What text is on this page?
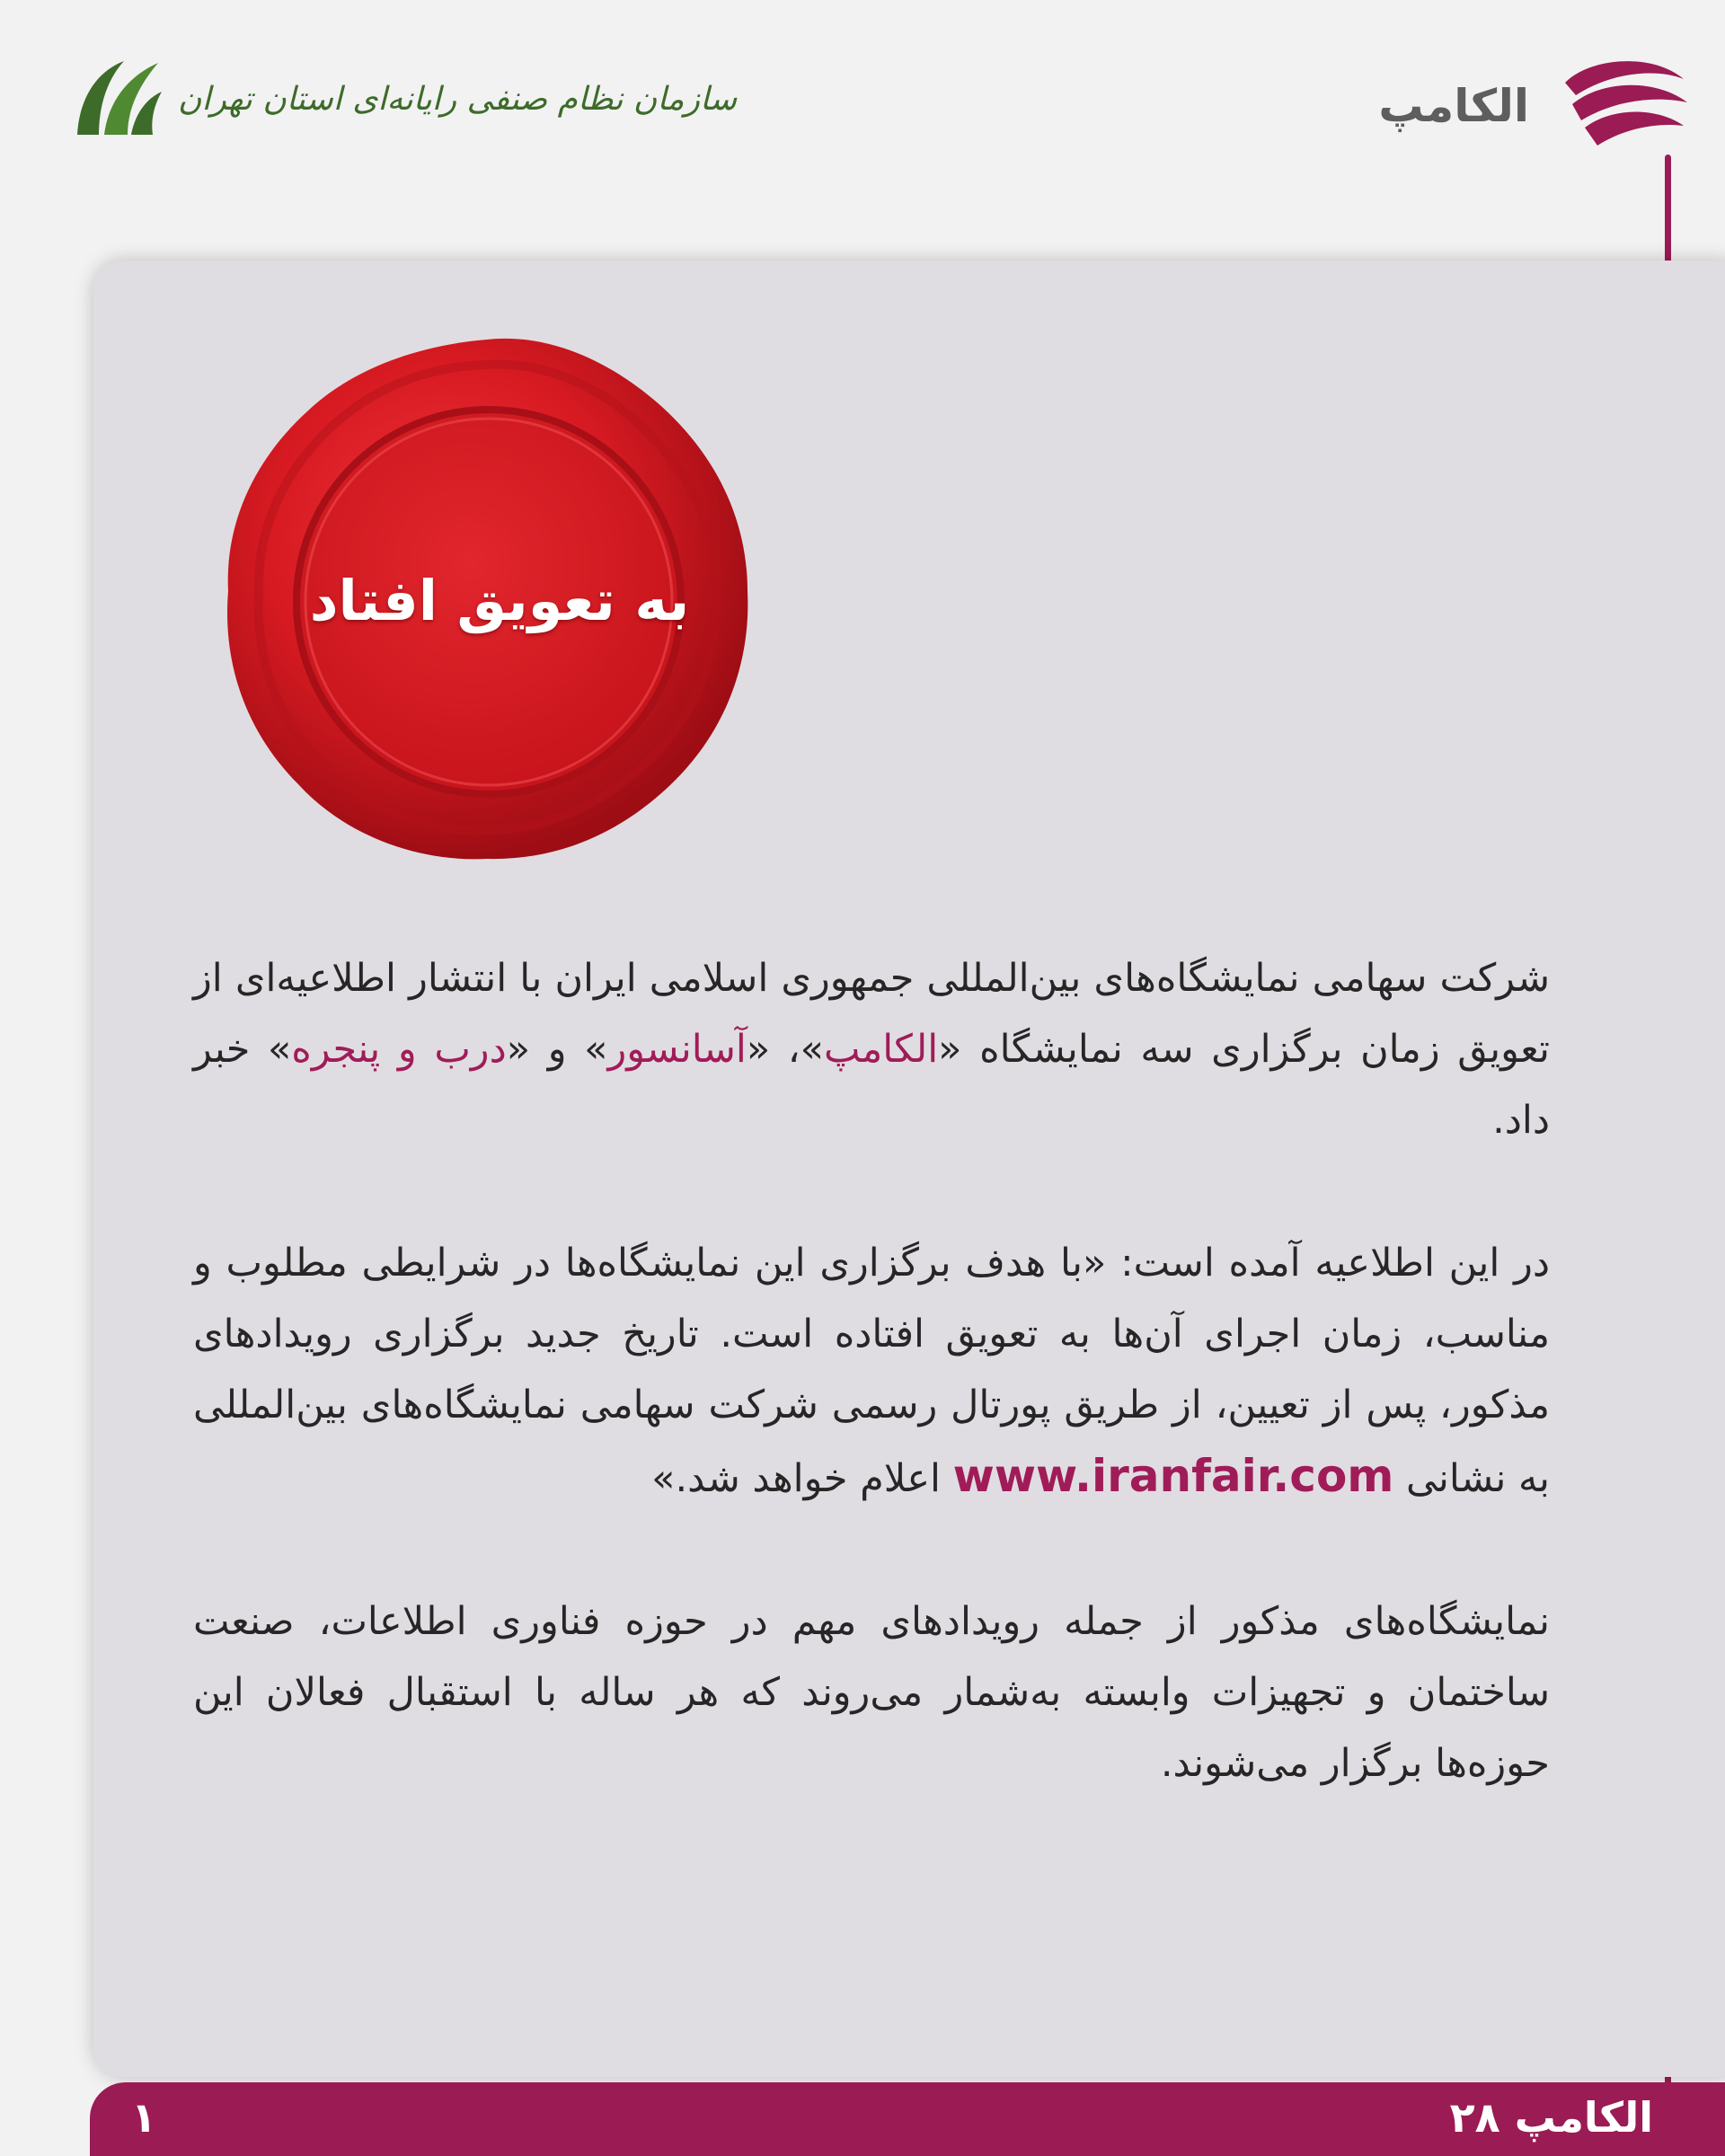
الکامپ
سازمان نظام صنفی رایانه‌ای استان تهران
به تعویق افتاد

شرکت سهامی نمایشگاه‌های بین‌المللی جمهوری اسلامی ایران با انتشار اطلاعیه‌ای از تعویق زمان برگزاری سه نمایشگاه «الکامپ»، «آسانسور» و «درب و پنجره» خبر داد.

در این اطلاعیه آمده است: «با هدف برگزاری این نمایشگاه‌ها در شرایطی مطلوب و مناسب، زمان اجرای آن‌ها به تعویق افتاده است. تاریخ جدید برگزاری رویدادهای مذکور، پس از تعیین، از طریق پورتال رسمی شرکت سهامی نمایشگاه‌های بین‌المللی به نشانی www.iranfair.com اعلام خواهد شد.»

نمایشگاه‌های مذکور از جمله رویدادهای مهم در حوزه فناوری اطلاعات، صنعت ساختمان و تجهیزات وابسته به‌شمار می‌روند که هر ساله با استقبال فعالان این حوزه‌ها برگزار می‌شوند.

الکامپ ۲۸
۱
